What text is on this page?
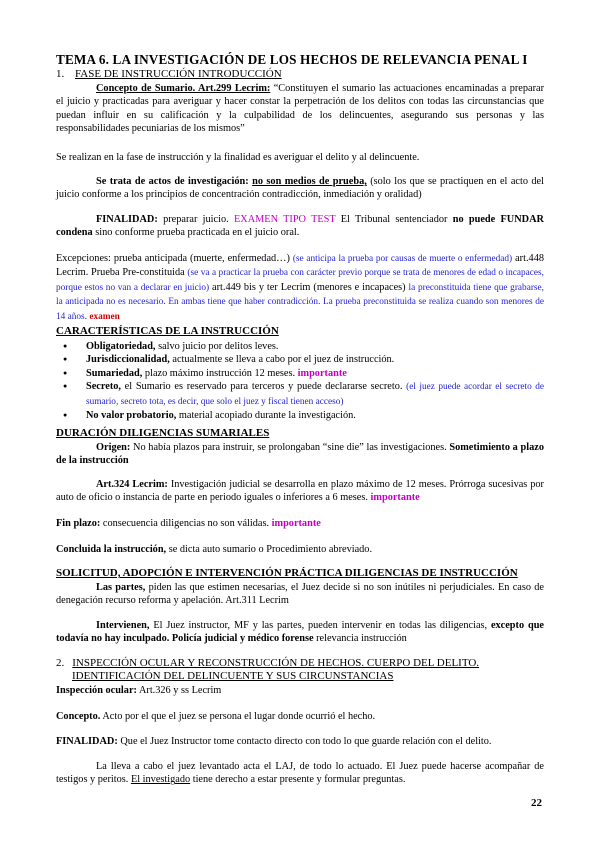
TEMA 6. LA INVESTIGACIÓN DE LOS HECHOS DE RELEVANCIA PENAL I
1. FASE DE INSTRUCCIÓN INTRODUCCIÓN
Concepto de Sumario. Art.299 Lecrim: “Constituyen el sumario las actuaciones encaminadas a preparar el juicio y practicadas para averiguar y hacer constar la perpetración de los delitos con todas las circunstancias que puedan influir en su calificación y la culpabilidad de los delincuentes, asegurando sus personas y las responsabilidades pecuniarias de los mismos”
Se realizan en la fase de instrucción y la finalidad es averiguar el delito y al delincuente.
Se trata de actos de investigación: no son medios de prueba, (solo los que se practiquen en el acto del juicio conforme a los principios de concentración contradicción, inmediación y oralidad)
FINALIDAD: preparar juicio. EXAMEN TIPO TEST El Tribunal sentenciador no puede FUNDAR condena sino conforme prueba practicada en el juicio oral.
Excepciones: prueba anticipada (muerte, enfermedad…) (se anticipa la prueba por causas de muerte o enfermedad) art.448 Lecrim. Prueba Pre-constituida (se va a practicar la prueba con carácter previo porque se trata de menores de edad o incapaces, porque estos no van a declarar en juicio) art.449 bis y ter Lecrim (menores e incapaces) la preconstituida tiene que grabarse, la anticipada no es necesario. En ambas tiene que haber contradicción. La prueba preconstituida se realiza cuando son menores de 14 años. examen
CARACTERÍSTICAS DE LA INSTRUCCIÓN
● Obligatoriedad, salvo juicio por delitos leves.
● Jurisdiccionalidad, actualmente se lleva a cabo por el juez de instrucción.
● Sumariedad, plazo máximo instrucción 12 meses. importante
● Secreto, el Sumario es reservado para terceros y puede declararse secreto. (el juez puede acordar el secreto de sumario, secreto tota, es decir, que solo el juez y fiscal tienen acceso)
● No valor probatorio, material acopiado durante la investigación.
DURACIÓN DILIGENCIAS SUMARIALES
Origen: No había plazos para instruir, se prolongaban “sine die” las investigaciones. Sometimiento a plazo de la instrucción
Art.324 Lecrim: Investigación judicial se desarrolla en plazo máximo de 12 meses. Prórroga sucesivas por auto de oficio o instancia de parte en periodo iguales o inferiores a 6 meses. importante
Fin plazo: consecuencia diligencias no son válidas. importante
Concluida la instrucción, se dicta auto sumario o Procedimiento abreviado.
SOLICITUD, ADOPCIÓN E INTERVENCIÓN PRÁCTICA DILIGENCIAS DE INSTRUCCIÓN
Las partes, piden las que estimen necesarias, el Juez decide si no son inútiles ni perjudiciales. En caso de denegación recurso reforma y apelación. Art.311 Lecrim
Intervienen, El Juez instructor, MF y las partes, pueden intervenir en todas las diligencias, excepto que todavía no hay inculpado. Policía judicial y médico forense relevancia instrucción
2. INSPECCIÓN OCULAR Y RECONSTRUCCIÓN DE HECHOS. CUERPO DEL DELITO.
IDENTIFICACIÓN DEL DELINCUENTE Y SUS CIRCUNSTANCIAS
Inspección ocular: Art.326 y ss Lecrim
Concepto. Acto por el que el juez se persona el lugar donde ocurrió el hecho.
FINALIDAD: Que el Juez Instructor tome contacto directo con todo lo que guarde relación con el delito.
La lleva a cabo el juez levantado acta el LAJ, de todo lo actuado. El Juez puede hacerse acompañar de testigos y peritos. El investigado tiene derecho a estar presente y formular preguntas.
22
